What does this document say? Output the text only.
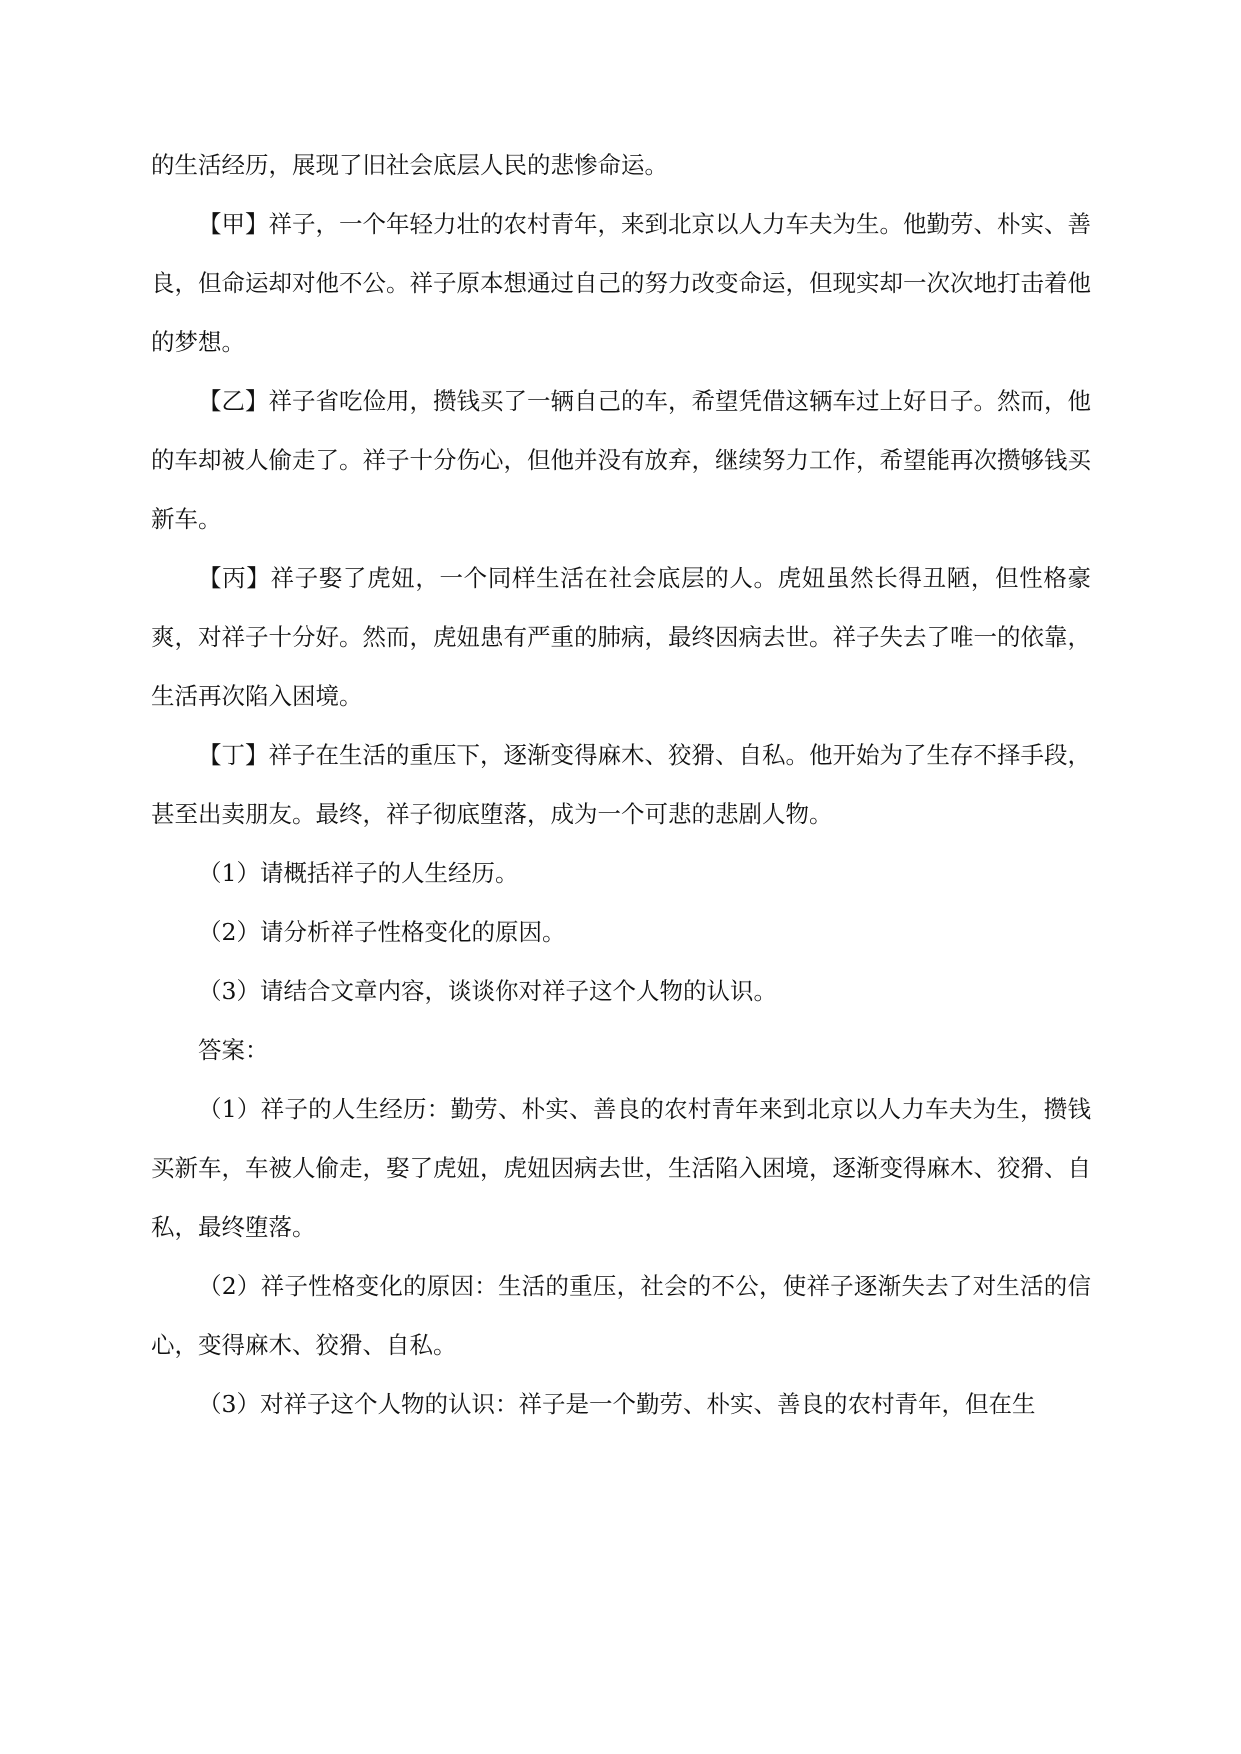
的生活经历，展现了旧社会底层人民的悲惨命运。

【甲】祥子，一个年轻力壮的农村青年，来到北京以人力车夫为生。他勤劳、朴实、善良，但命运却对他不公。祥子原本想通过自己的努力改变命运，但现实却一次次地打击着他的梦想。

【乙】祥子省吃俭用，攒钱买了一辆自己的车，希望凭借这辆车过上好日子。然而，他的车却被人偷走了。祥子十分伤心，但他并没有放弃，继续努力工作，希望能再次攒够钱买新车。

【丙】祥子娶了虎妞，一个同样生活在社会底层的人。虎妞虽然长得丑陋，但性格豪爽，对祥子十分好。然而，虎妞患有严重的肺病，最终因病去世。祥子失去了唯一的依靠，生活再次陷入困境。

【丁】祥子在生活的重压下，逐渐变得麻木、狡猾、自私。他开始为了生存不择手段，甚至出卖朋友。最终，祥子彻底堕落，成为一个可悲的悲剧人物。

（1）请概括祥子的人生经历。

（2）请分析祥子性格变化的原因。

（3）请结合文章内容，谈谈你对祥子这个人物的认识。

答案：

（1）祥子的人生经历：勤劳、朴实、善良的农村青年来到北京以人力车夫为生，攒钱买新车，车被人偷走，娶了虎妞，虎妞因病去世，生活陷入困境，逐渐变得麻木、狡猾、自私，最终堕落。

（2）祥子性格变化的原因：生活的重压，社会的不公，使祥子逐渐失去了对生活的信心，变得麻木、狡猾、自私。

（3）对祥子这个人物的认识：祥子是一个勤劳、朴实、善良的农村青年，但在生
